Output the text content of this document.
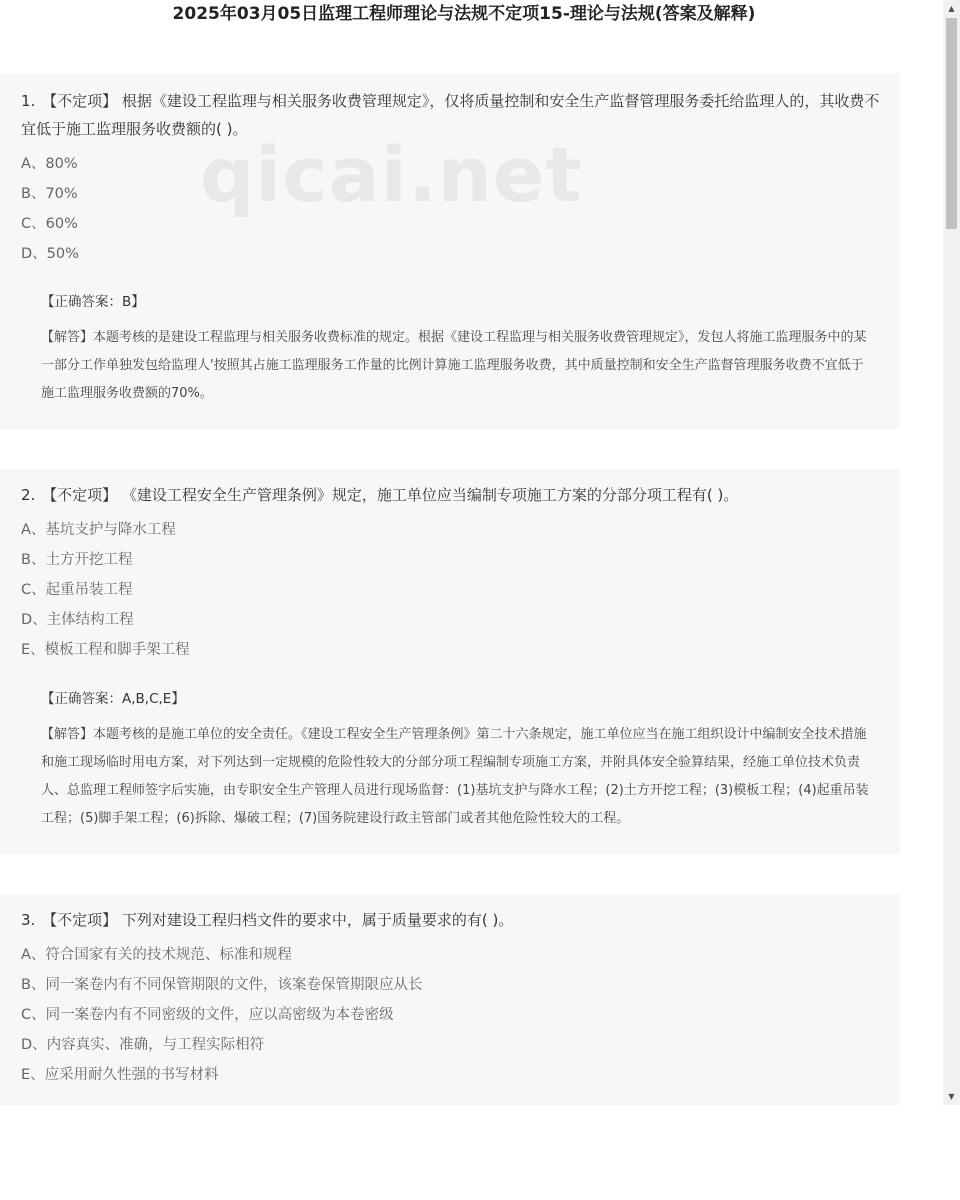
2025年03月05日监理工程师理论与法规不定项15-理论与法规(答案及解释)
1. 【不定项】 根据《建设工程监理与相关服务收费管理规定》，仅将质量控制和安全生产监督管理服务委托给监理人的，其收费不宜低于施工监理服务收费额的( )。
A、80%
B、70%
C、60%
D、50%
【正确答案：B】
【解答】本题考核的是建设工程监理与相关服务收费标准的规定。根据《建设工程监理与相关服务收费管理规定》，发包人将施工监理服务中的某一部分工作单独发包给监理人'按照其占施工监理服务工作量的比例计算施工监理服务收费，其中质量控制和安全生产监督管理服务收费不宜低于施工监理服务收费额的70%。
2. 【不定项】 《建设工程安全生产管理条例》规定，施工单位应当编制专项施工方案的分部分项工程有( )。
A、基坑支护与降水工程
B、土方开挖工程
C、起重吊装工程
D、主体结构工程
E、模板工程和脚手架工程
【正确答案：A,B,C,E】
【解答】本题考核的是施工单位的安全责任。《建设工程安全生产管理条例》第二十六条规定，施工单位应当在施工组织设计中编制安全技术措施和施工现场临时用电方案，对下列达到一定规模的危险性较大的分部分项工程编制专项施工方案，并附具体安全验算结果，经施工单位技术负责人、总监理工程师签字后实施，由专职安全生产管理人员进行现场监督：(1)基坑支护与降水工程；(2)土方开挖工程；(3)模板工程；(4)起重吊装工程；(5)脚手架工程；(6)拆除、爆破工程；(7)国务院建设行政主管部门或者其他危险性较大的工程。
3. 【不定项】 下列对建设工程归档文件的要求中，属于质量要求的有( )。
A、符合国家有关的技术规范、标准和规程
B、同一案卷内有不同保管期限的文件，该案卷保管期限应从长
C、同一案卷内有不同密级的文件，应以高密级为本卷密级
D、内容真实、准确，与工程实际相符
E、应采用耐久性强的书写材料
qicai.net
▲
▼
